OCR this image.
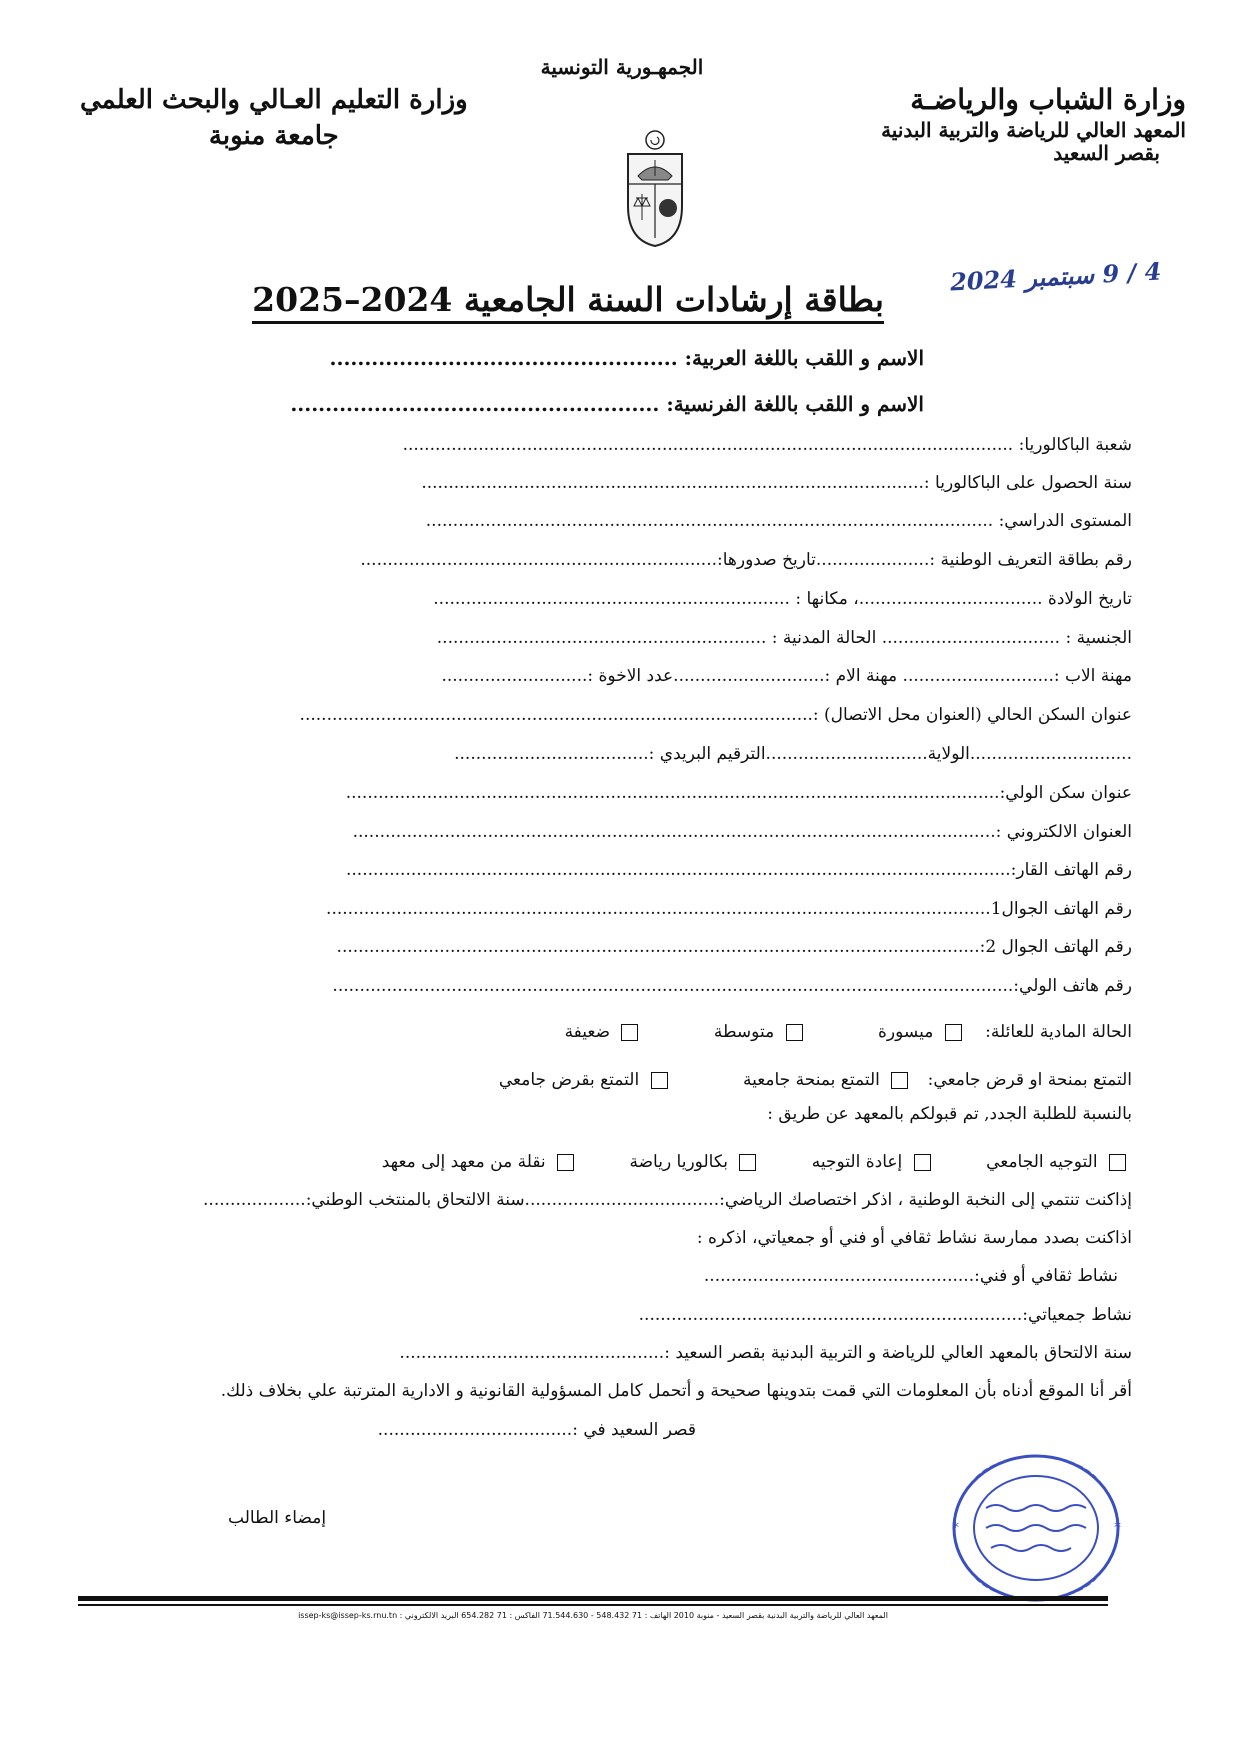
الجمهـورية التونسية
وزارة الشباب والرياضـة
المعهد العالي للرياضة والتربية البدنية
بقصر السعيد
وزارة التعليم العـالي والبحث العلمي
جامعة منوبة
4 / 9 سبتمبر 2024
بطاقة إرشادات السنة الجامعية 2024–2025
الاسم و اللقب باللغة العربية: ..................................................
الاسم و اللقب باللغة الفرنسية: .....................................................
شعبة الباكالوريا: .................................................................................................................
سنة الحصول على الباكالوريا :.............................................................................................
المستوى الدراسي: .........................................................................................................
رقم بطاقة التعريف الوطنية :.....................تاريخ صدورها:..................................................................
تاريخ الولادة ..................................، مكانها : ..................................................................
الجنسية : ................................. الحالة المدنية : .............................................................
مهنة الاب :............................ مهنة الام :............................عدد الاخوة :...........................
عنوان السكن الحالي (العنوان محل الاتصال) :...............................................................................................
..............................الولاية..............................الترقيم البريدي :....................................
عنوان سكن الولي:.........................................................................................................................
العنوان الالكتروني :.......................................................................................................................
رقم الهاتف القار:...........................................................................................................................
رقم الهاتف الجوال1...........................................................................................................................
رقم الهاتف الجوال 2:.......................................................................................................................
رقم هاتف الولي:..............................................................................................................................
الحالة المادية للعائلة:  ميسورة  متوسطة  ضعيفة
التمتع بمنحة او قرض جامعي:  التمتع بمنحة جامعية  التمتع بقرض جامعي
بالنسبة للطلبة الجدد, تم قبولكم بالمعهد عن طريق :
التوجيه الجامعي  إعادة التوجيه  بكالوريا رياضة  نقلة من معهد إلى معهد
إذاكنت تنتمي إلى النخبة الوطنية ، اذكر اختصاصك الرياضي:....................................سنة الالتحاق بالمنتخب الوطني:...................
اذاكنت بصدد ممارسة نشاط ثقافي أو فني أو جمعياتي، اذكره :
نشاط ثقافي أو فني:..................................................
نشاط جمعياتي:.......................................................................
سنة الالتحاق بالمعهد العالي للرياضة و التربية البدنية بقصر السعيد :.................................................
أقر أنا الموقع أدناه بأن المعلومات التي قمت بتدوينها صحيحة و أتحمل كامل المسؤولية القانونية و الادارية المترتبة علي بخلاف ذلك.
قصر السعيد في :....................................
إمضاء الطالب	*
*
المعهد العالي للرياضة والتربية البدنية بقصر السعيد - منوبة 2010 الهاتف : 71 548.432 - 71.544.630 الفاكس : 71 654.282 البريد الالكتروني : issep-ks@issep-ks.rnu.tn
